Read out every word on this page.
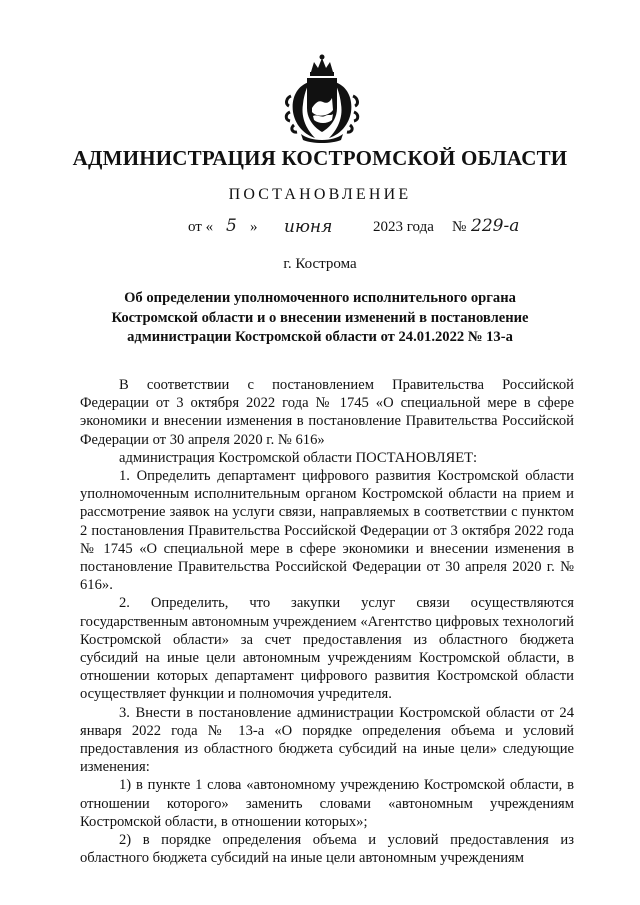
АДМИНИСТРАЦИЯ КОСТРОМСКОЙ ОБЛАСТИ
ПОСТАНОВЛЕНИЕ
от « 5 » июня	2023 года № 229-а
г. Кострома
Об определении уполномоченного исполнительного органа
Костромской области и о внесении изменений в постановление
администрации Костромской области от 24.01.2022 № 13-а

В соответствии с постановлением Правительства Российской Федерации от 3 октября 2022 года № 1745 «О специальной мере в сфере экономики и внесении изменения в постановление Правительства Российской Федерации от 30 апреля 2020 г. № 616»

администрация Костромской области ПОСТАНОВЛЯЕТ:

1. Определить департамент цифрового развития Костромской области уполномоченным исполнительным органом Костромской области на прием и рассмотрение заявок на услуги связи, направляемых в соответствии с пунктом 2 постановления Правительства Российской Федерации от 3 октября 2022 года № 1745 «О специальной мере в сфере экономики и внесении изменения в постановление Правительства Российской Федерации от 30 апреля 2020 г. № 616».

2. Определить, что закупки услуг связи осуществляются государственным автономным учреждением «Агентство цифровых технологий Костромской области» за счет предоставления из областного бюджета субсидий на иные цели автономным учреждениям Костромской области, в отношении которых департамент цифрового развития Костромской области осуществляет функции и полномочия учредителя.

3. Внести в постановление администрации Костромской области от 24 января 2022 года № 13-а «О порядке определения объема и условий предоставления из областного бюджета субсидий на иные цели» следующие изменения:

1) в пункте 1 слова «автономному учреждению Костромской области, в отношении которого» заменить словами «автономным учреждениям Костромской области, в отношении которых»;

2) в порядке определения объема и условий предоставления из областного бюджета субсидий на иные цели автономным учреждениям
